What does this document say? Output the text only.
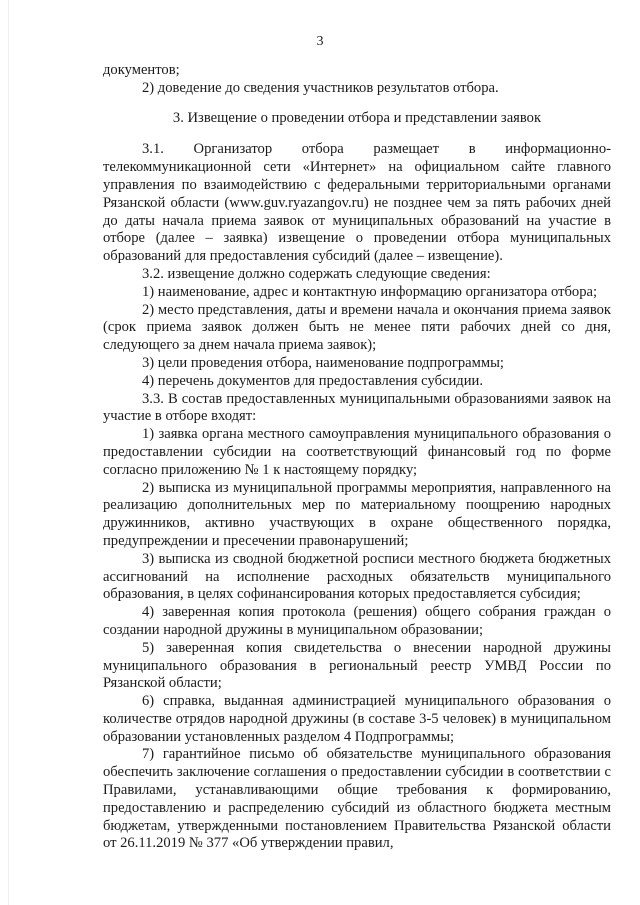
3

документов;

2) доведение до сведения участников результатов отбора.

3. Извещение о проведении отбора и представлении заявок

3.1. Организатор отбора размещает в информационно-телекоммуникационной сети «Интернет» на официальном сайте главного управления по взаимодействию с федеральными территориальными органами Рязанской области (www.guv.ryazangov.ru) не позднее чем за пять рабочих дней до даты начала приема заявок от муниципальных образований на участие в отборе (далее – заявка) извещение о проведении отбора муниципальных образований для предоставления субсидий (далее – извещение).

3.2. извещение должно содержать следующие сведения:

1) наименование, адрес и контактную информацию организатора отбора;

2) место представления, даты и времени начала и окончания приема заявок (срок приема заявок должен быть не менее пяти рабочих дней со дня, следующего за днем начала приема заявок);

3) цели проведения отбора, наименование подпрограммы;

4) перечень документов для предоставления субсидии.

3.3. В состав предоставленных муниципальными образованиями заявок на участие в отборе входят:

1) заявка органа местного самоуправления муниципального образования о предоставлении субсидии на соответствующий финансовый год по форме согласно приложению № 1 к настоящему порядку;

2) выписка из муниципальной программы мероприятия, направленного на реализацию дополнительных мер по материальному поощрению народных дружинников, активно участвующих в охране общественного порядка, предупреждении и пресечении правонарушений;

3) выписка из сводной бюджетной росписи местного бюджета бюджетных ассигнований на исполнение расходных обязательств муниципального образования, в целях софинансирования которых предоставляется субсидия;

4) заверенная копия протокола (решения) общего собрания граждан о создании народной дружины в муниципальном образовании;

5) заверенная копия свидетельства о внесении народной дружины муниципального образования в региональный реестр УМВД России по Рязанской области;

6) справка, выданная администрацией муниципального образования о количестве отрядов народной дружины (в составе 3-5 человек) в муниципальном образовании установленных разделом 4 Подпрограммы;

7) гарантийное письмо об обязательстве муниципального образования обеспечить заключение соглашения о предоставлении субсидии в соответствии с Правилами, устанавливающими общие требования к формированию, предоставлению и распределению субсидий из областного бюджета местным бюджетам, утвержденными постановлением Правительства Рязанской области от 26.11.2019 № 377 «Об утверждении правил,
